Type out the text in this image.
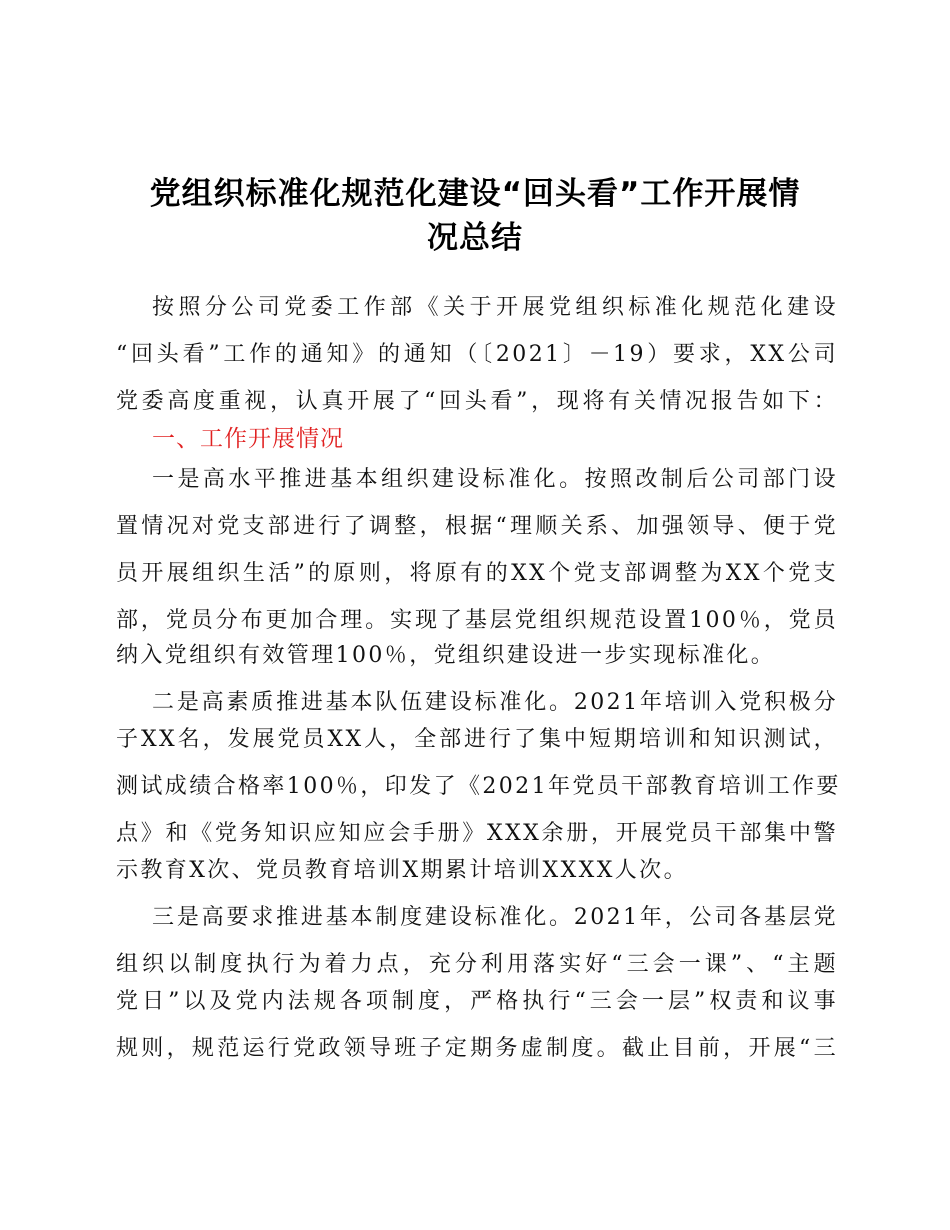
党组织标准化规范化建设“回头看”工作开展情
况总结
按照分公司党委工作部《关于开展党组织标准化规范化建设
“回头看”工作的通知》的通知（〔2021〕－19）要求，XX公司
党委高度重视，认真开展了“回头看”，现将有关情况报告如下：
一、工作开展情况
一是高水平推进基本组织建设标准化。按照改制后公司部门设
置情况对党支部进行了调整，根据“理顺关系、加强领导、便于党
员开展组织生活”的原则，将原有的XX个党支部调整为XX个党支
部，党员分布更加合理。实现了基层党组织规范设置100％，党员
纳入党组织有效管理100％，党组织建设进一步实现标准化。
二是高素质推进基本队伍建设标准化。2021年培训入党积极分
子XX名，发展党员XX人，全部进行了集中短期培训和知识测试，
测试成绩合格率100％，印发了《2021年党员干部教育培训工作要
点》和《党务知识应知应会手册》XXX余册，开展党员干部集中警
示教育X次、党员教育培训X期累计培训XXXX人次。
三是高要求推进基本制度建设标准化。2021年，公司各基层党
组织以制度执行为着力点，充分利用落实好“三会一课”、“主题
党日”以及党内法规各项制度，严格执行“三会一层”权责和议事
规则，规范运行党政领导班子定期务虚制度。截止目前，开展“三
